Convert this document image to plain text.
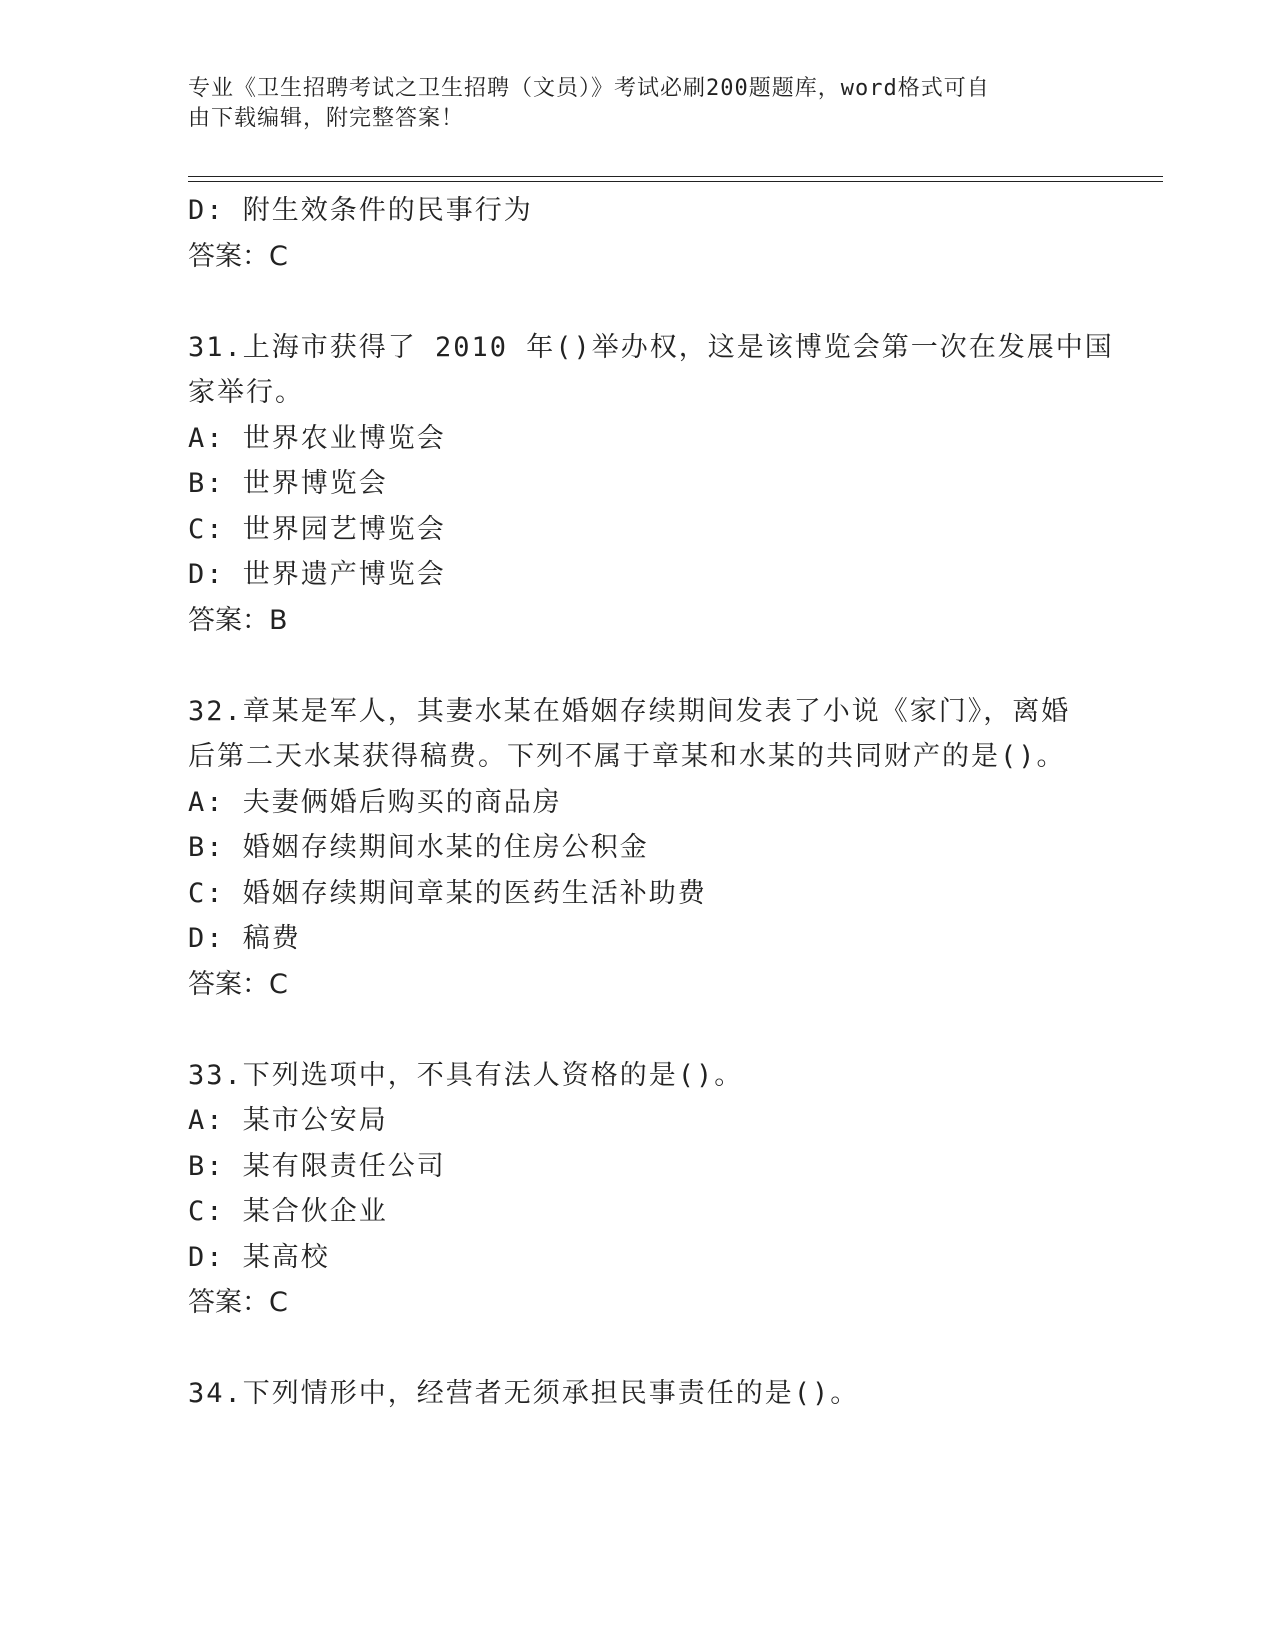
专业《卫生招聘考试之卫生招聘（文员）》考试必刷200题题库，word格式可自
由下载编辑，附完整答案！
D: 附生效条件的民事行为
答案：C
31.上海市获得了 2010 年()举办权，这是该博览会第一次在发展中国
家举行。
A: 世界农业博览会
B: 世界博览会
C: 世界园艺博览会
D: 世界遗产博览会
答案：B
32.章某是军人，其妻水某在婚姻存续期间发表了小说《家门》，离婚
后第二天水某获得稿费。下列不属于章某和水某的共同财产的是()。
A: 夫妻俩婚后购买的商品房
B: 婚姻存续期间水某的住房公积金
C: 婚姻存续期间章某的医药生活补助费
D: 稿费
答案：C
33.下列选项中，不具有法人资格的是()。
A: 某市公安局
B: 某有限责任公司
C: 某合伙企业
D: 某高校
答案：C
34.下列情形中，经营者无须承担民事责任的是()。
